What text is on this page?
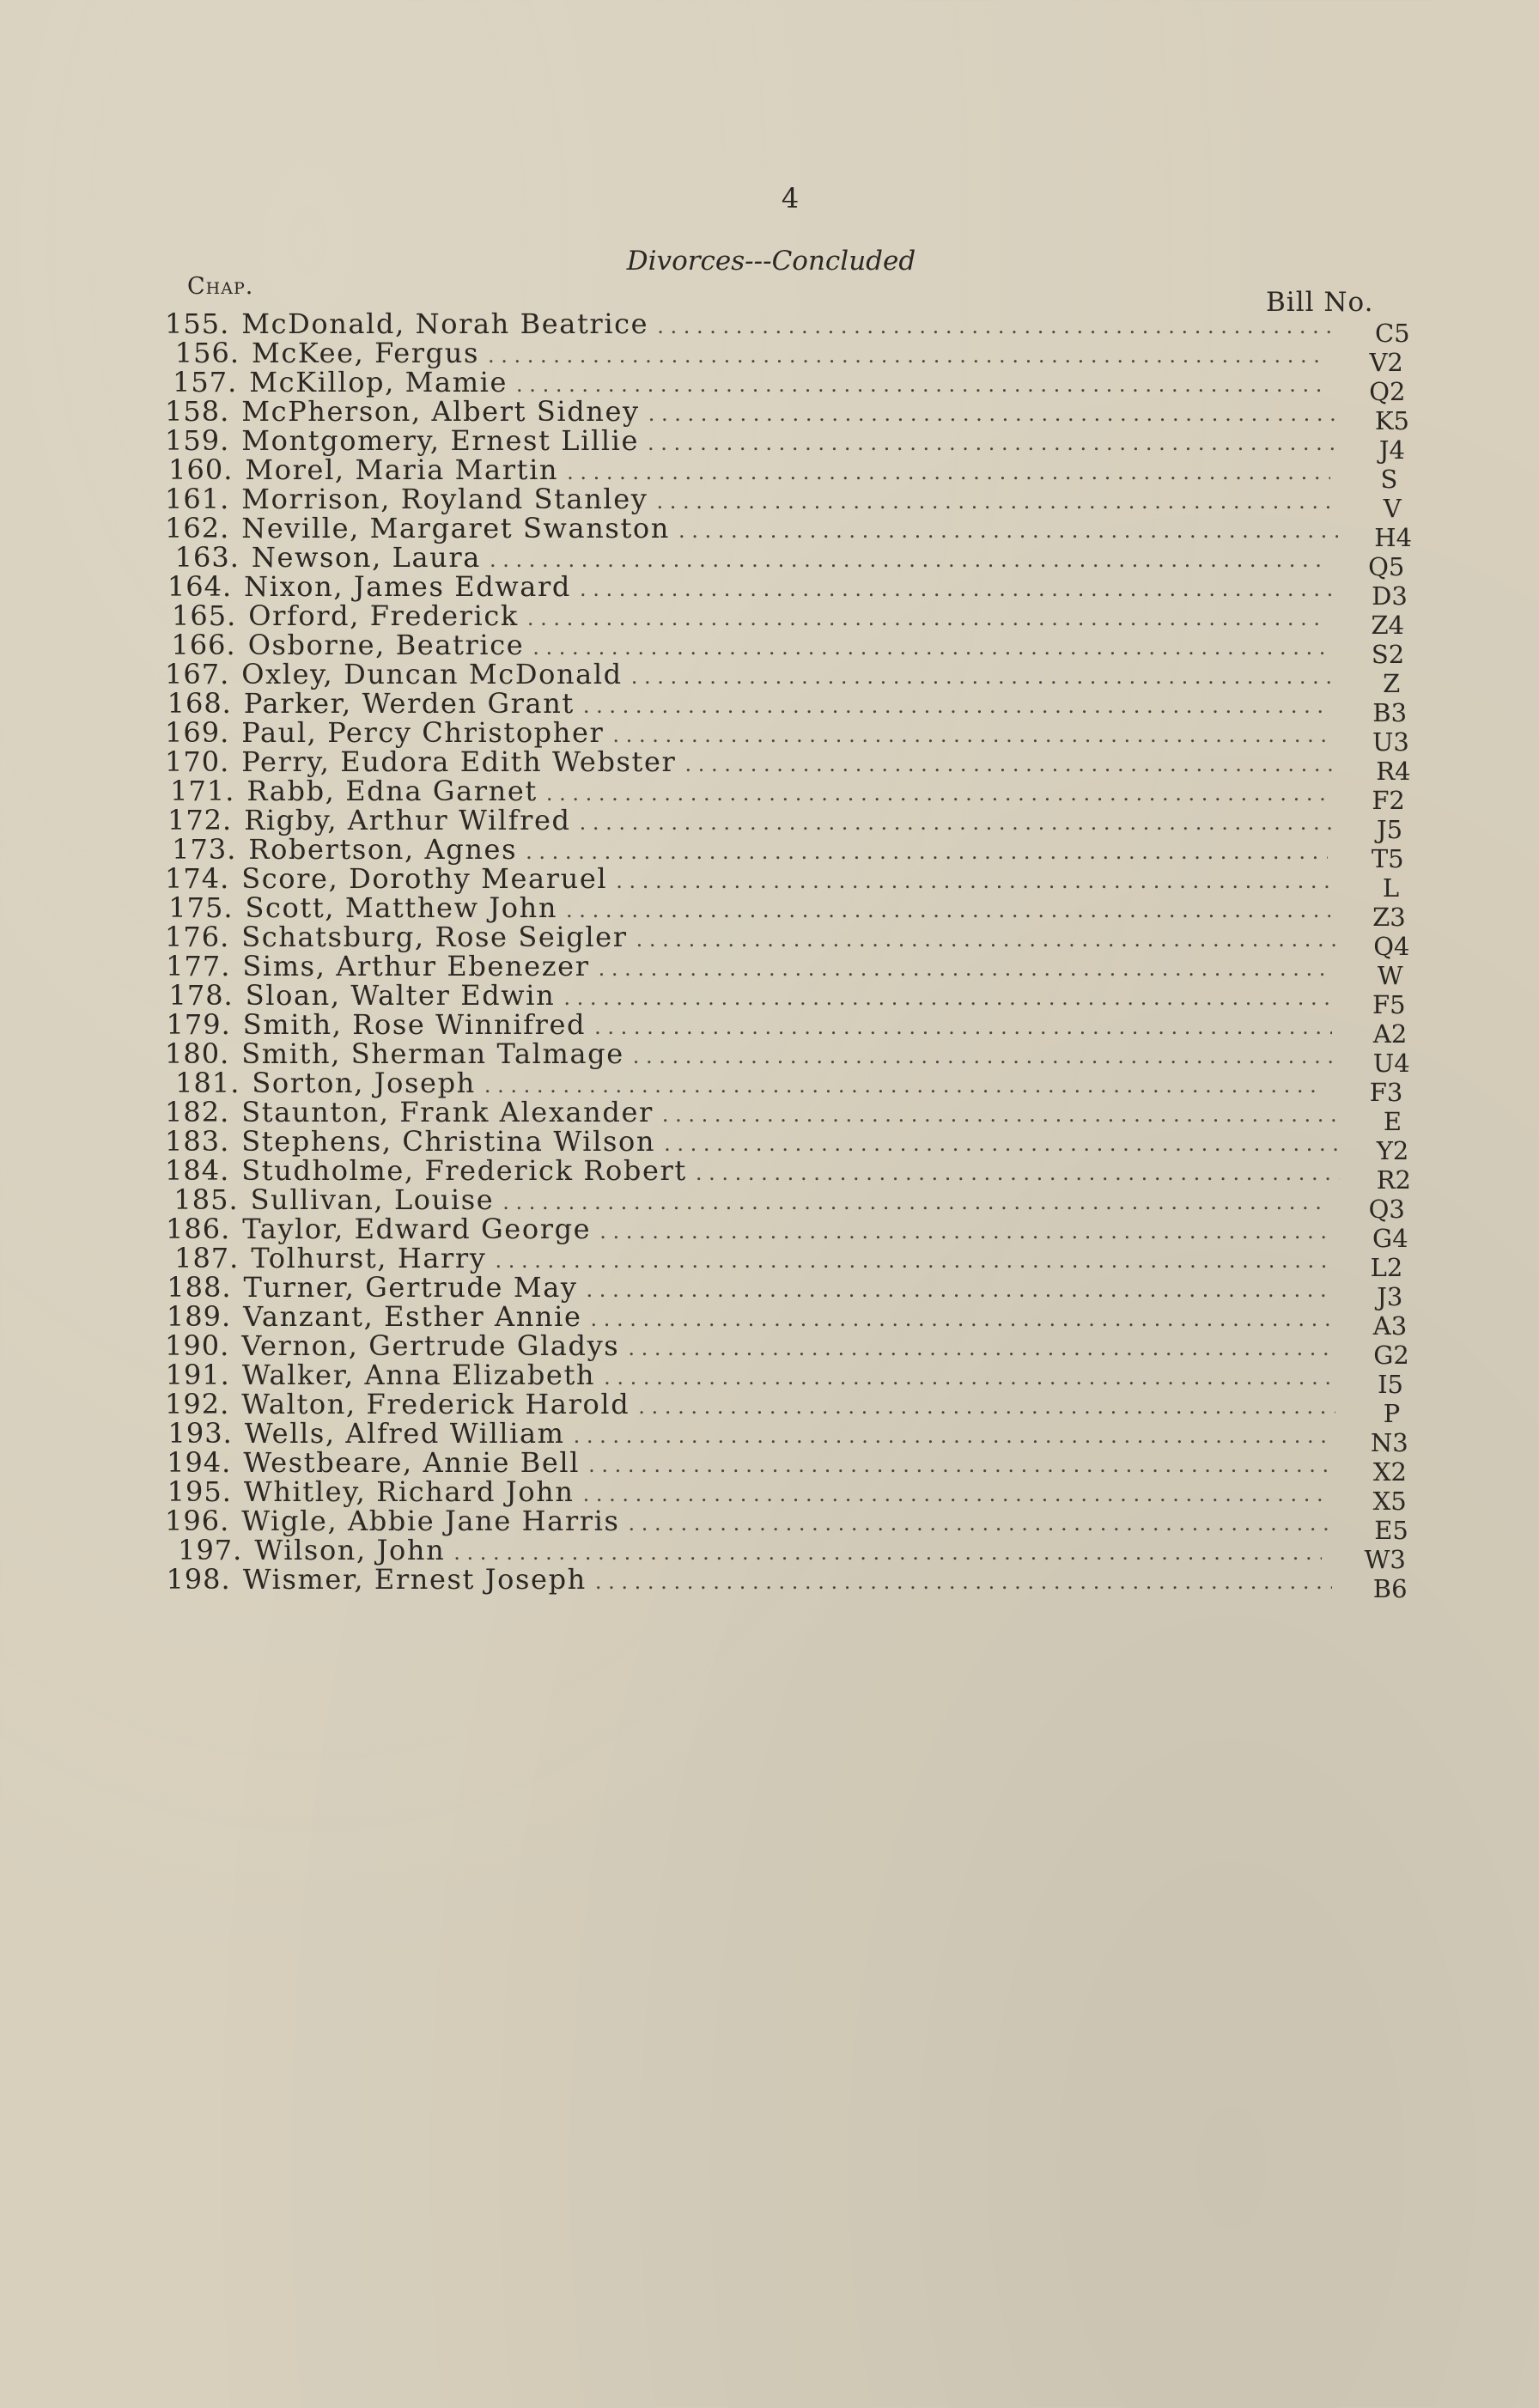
4
Divorces---Concluded
Chap.
Bill No.
155. McDonald, Norah Beatrice . . .	C5
156. McKee, Fergus . . .	V2
157. McKillop, Mamie . . .	Q2
158. McPherson, Albert Sidney . . .	K5
159. Montgomery, Ernest Lillie . . .	J4
160. Morel, Maria Martin . . .	S
161. Morrison, Royland Stanley . . .	V
162. Neville, Margaret Swanston . . .	H4
163. Newson, Laura . . .	Q5
164. Nixon, James Edward . . .	D3
165. Orford, Frederick . . .	Z4
166. Osborne, Beatrice . . .	S2
167. Oxley, Duncan McDonald . . .	Z
168. Parker, Werden Grant . . .	B3
169. Paul, Percy Christopher . . .	U3
170. Perry, Eudora Edith Webster . . .	R4
171. Rabb, Edna Garnet . . .	F2
172. Rigby, Arthur Wilfred . . .	J5
173. Robertson, Agnes . . .	T5
174. Score, Dorothy Mearuel . . .	L
175. Scott, Matthew John . . .	Z3
176. Schatsburg, Rose Seigler . . .	Q4
177. Sims, Arthur Ebenezer . . .	W
178. Sloan, Walter Edwin . . .	F5
179. Smith, Rose Winnifred . . .	A2
180. Smith, Sherman Talmage . . .	U4
181. Sorton, Joseph . . .	F3
182. Staunton, Frank Alexander . . .	E
183. Stephens, Christina Wilson . . .	Y2
184. Studholme, Frederick Robert . . .	R2
185. Sullivan, Louise . . .	Q3
186. Taylor, Edward George . . .	G4
187. Tolhurst, Harry . . .	L2
188. Turner, Gertrude May . . .	J3
189. Vanzant, Esther Annie . . .	A3
190. Vernon, Gertrude Gladys . . .	G2
191. Walker, Anna Elizabeth . . .	I5
192. Walton, Frederick Harold . . .	P
193. Wells, Alfred William . . .	N3
194. Westbeare, Annie Bell . . .	X2
195. Whitley, Richard John . . .	X5
196. Wigle, Abbie Jane Harris . . .	E5
197. Wilson, John . . .	W3
198. Wismer, Ernest Joseph . . .	B6
